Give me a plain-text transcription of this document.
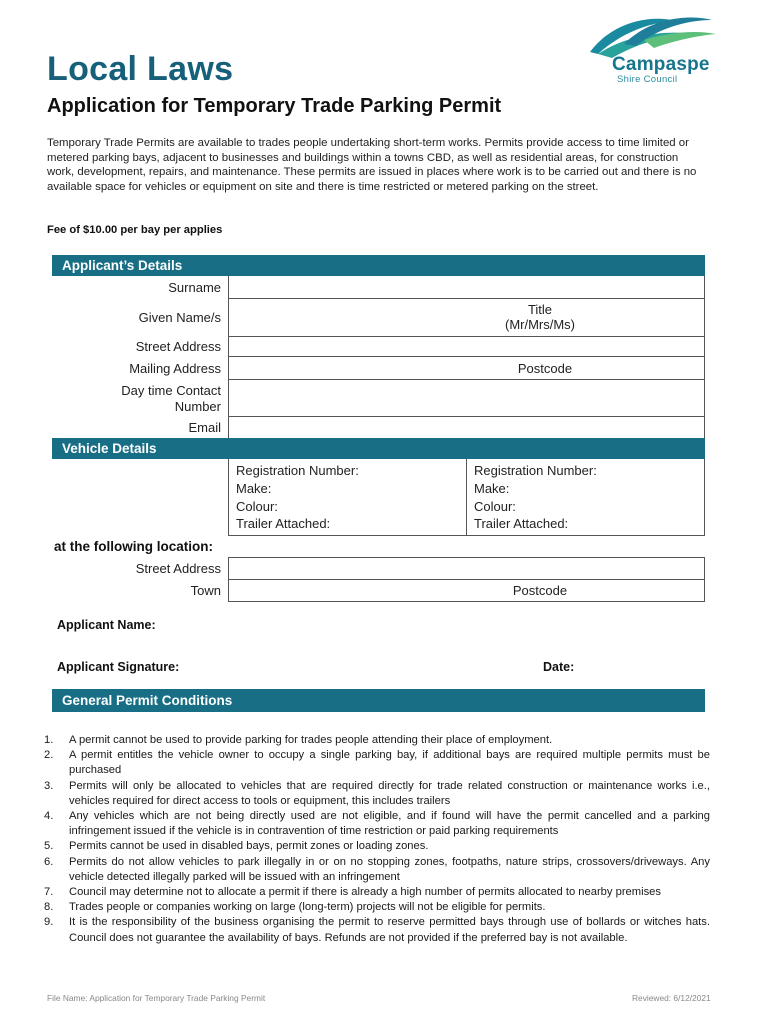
Local Laws
Application for Temporary Trade Parking Permit
Campaspe
Shire Council
Temporary Trade Permits are available to trades people undertaking short-term works. Permits provide access to time limited or metered parking bays, adjacent to businesses and buildings within a towns CBD, as well as residential areas, for construction work, development, repairs, and maintenance. These permits are issued in places where work is to be carried out and there is no available space for vehicles or equipment on site and there is time restricted or metered parking on the street.
Fee of $10.00 per bay per applies
Applicant’s Details
Surname
Given Name/s
Title
(Mr/Mrs/Ms)
Street Address
Mailing Address	Postcode
Day time Contact
Number
Email
Vehicle Details
Registration Number:
Make:
Colour:
Trailer Attached:
Registration Number:
Make:
Colour:
Trailer Attached:
at the following location:
Street Address
Town	Postcode
Applicant Name:
Applicant Signature:	Date:
General Permit Conditions
1. A permit cannot be used to provide parking for trades people attending their place of employment.
2. A permit entitles the vehicle owner to occupy a single parking bay, if additional bays are required multiple permits must be purchased
3. Permits will only be allocated to vehicles that are required directly for trade related construction or maintenance works i.e., vehicles required for direct access to tools or equipment, this includes trailers
4. Any vehicles which are not being directly used are not eligible, and if found will have the permit cancelled and a parking infringement issued if the vehicle is in contravention of time restriction or paid parking requirements
5. Permits cannot be used in disabled bays, permit zones or loading zones.
6. Permits do not allow vehicles to park illegally in or on no stopping zones, footpaths, nature strips, crossovers/driveways. Any vehicle detected illegally parked will be issued with an infringement
7. Council may determine not to allocate a permit if there is already a high number of permits allocated to nearby premises
8. Trades people or companies working on large (long-term) projects will not be eligible for permits.
9. It is the responsibility of the business organising the permit to reserve permitted bays through use of bollards or witches hats. Council does not guarantee the availability of bays. Refunds are not provided if the preferred bay is not available.
File Name: Application for Temporary Trade Parking Permit	Reviewed: 6/12/2021
